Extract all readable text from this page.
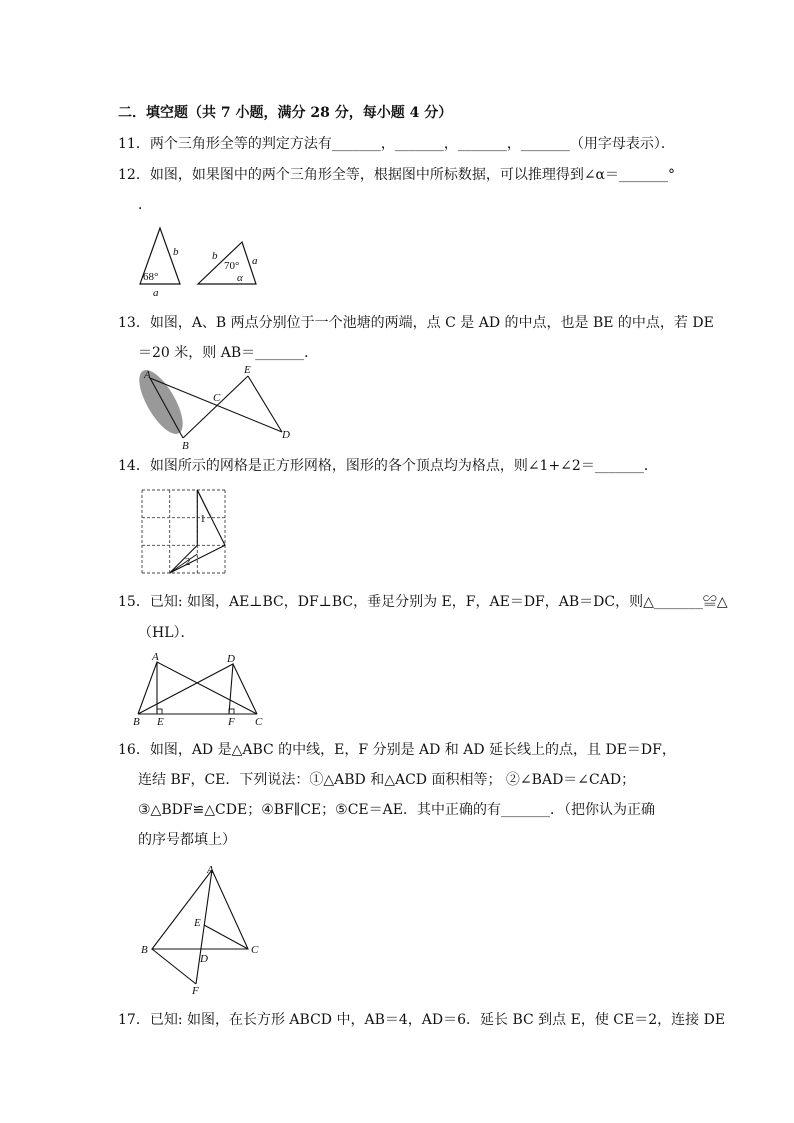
二．填空题（共 7 小题，满分 28 分，每小题 4 分）
11．两个三角形全等的判定方法有_______，_______，_______，_______（用字母表示）．
12．如图，如果图中的两个三角形全等，根据图中所标数据，可以推理得到∠α＝_______°
．
b
68°
a
b
70° a
α
13．如图，A、B 两点分别位于一个池塘的两端，点 C 是 AD 的中点，也是 BE 的中点，若 DE
＝20 米，则 AB＝_______．
A	E
C
B
D
14．如图所示的网格是正方形网格，图形的各个顶点均为格点，则∠1+∠2＝_______．
1
2
15．已知: 如图，AE⊥BC，DF⊥BC，垂足分别为 E，F，AE＝DF，AB＝DC，则△_______≌△
（HL）．
A	D
B E	F C
16．如图，AD 是△ABC 的中线，E，F 分别是 AD 和 AD 延长线上的点，且 DE＝DF，
连结 BF，CE．下列说法：①△ABD 和△ACD 面积相等； ②∠BAD＝∠CAD；
③△BDF≌△CDE；④BF∥CE；⑤CE＝AE．其中正确的有_______．（把你认为正确
的序号都填上）
A
E
B	C
D
F
17．已知: 如图，在长方形 ABCD 中，AB＝4，AD＝6．延长 BC 到点 E，使 CE＝2，连接 DE
